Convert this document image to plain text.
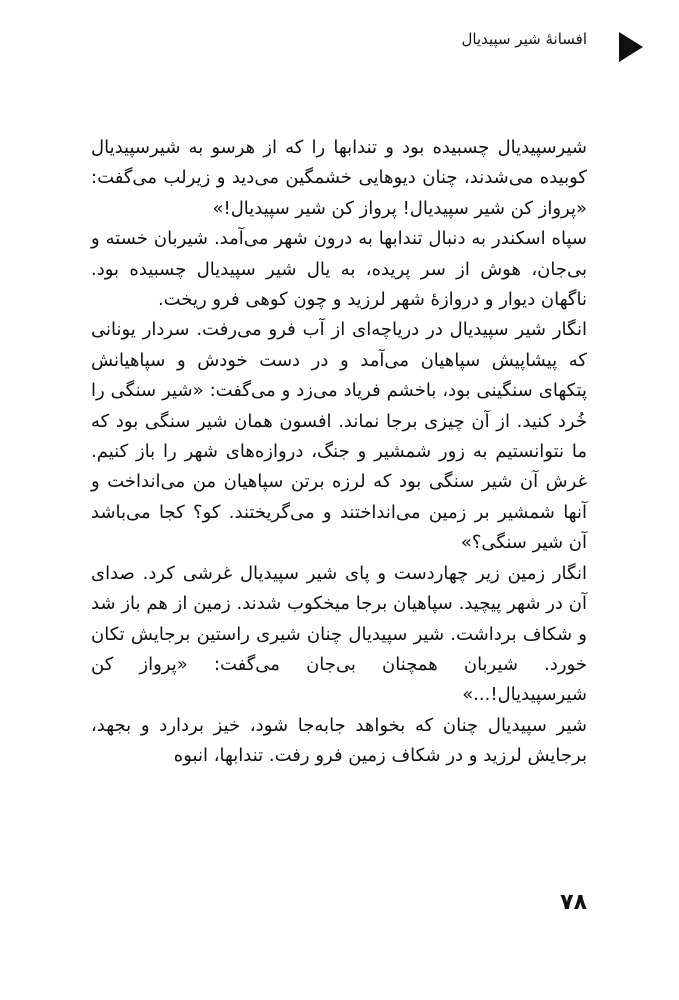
افسانهٔ شیر سپیدیال

شیرسپیدیال چسبیده بود و تندابها را که از هرسو به شیرسپیدیال کوبیده می‌شدند، چنان دیوهایی خشمگین می‌دید و زیرلب می‌گفت: «پرواز کن شیر سپیدیال! پرواز کن شیر سپیدیال!»

سپاه اسکندر به دنبال تندابها به درون شهر می‌آمد. شیربان خسته و بی‌جان، هوش از سر پریده، به یال شیر سپیدیال چسبیده بود. ناگهان دیوار و دروازهٔ شهر لرزید و چون کوهی فرو ریخت.

انگار شیر سپیدیال در دریاچه‌ای از آب فرو می‌رفت. سردار یونانی که پیشاپیش سپاهیان می‌آمد و در دست خودش و سپاهیانش پتکهای سنگینی بود، باخشم فریاد می‌زد و می‌گفت: «شیر سنگی را خُرد کنید. از آن چیزی برجا نماند. افسون همان شیر سنگی بود که ما نتوانستیم به زور شمشیر و جنگ، دروازه‌های شهر را باز کنیم. غرش آن شیر سنگی بود که لرزه برتن سپاهیان من می‌انداخت و آنها شمشیر بر زمین می‌انداختند و می‌گریختند. کو؟ کجا می‌باشد آن شیر سنگی؟»

انگار زمین زیر چهاردست و پای شیر سپیدیال غرشی کرد. صدای آن در شهر پیچید. سپاهیان برجا میخکوب شدند. زمین از هم باز شد و شکاف برداشت. شیر سپیدیال چنان شیری راستین برجایش تکان خورد. شیربان همچنان بی‌جان می‌گفت: «پرواز کن شیرسپیدیال!...»

شیر سپیدیال چنان که بخواهد جابه‌جا شود، خیز بردارد و بجهد، برجایش لرزید و در شکاف زمین فرو رفت. تندابها، انبوه

۷۸
